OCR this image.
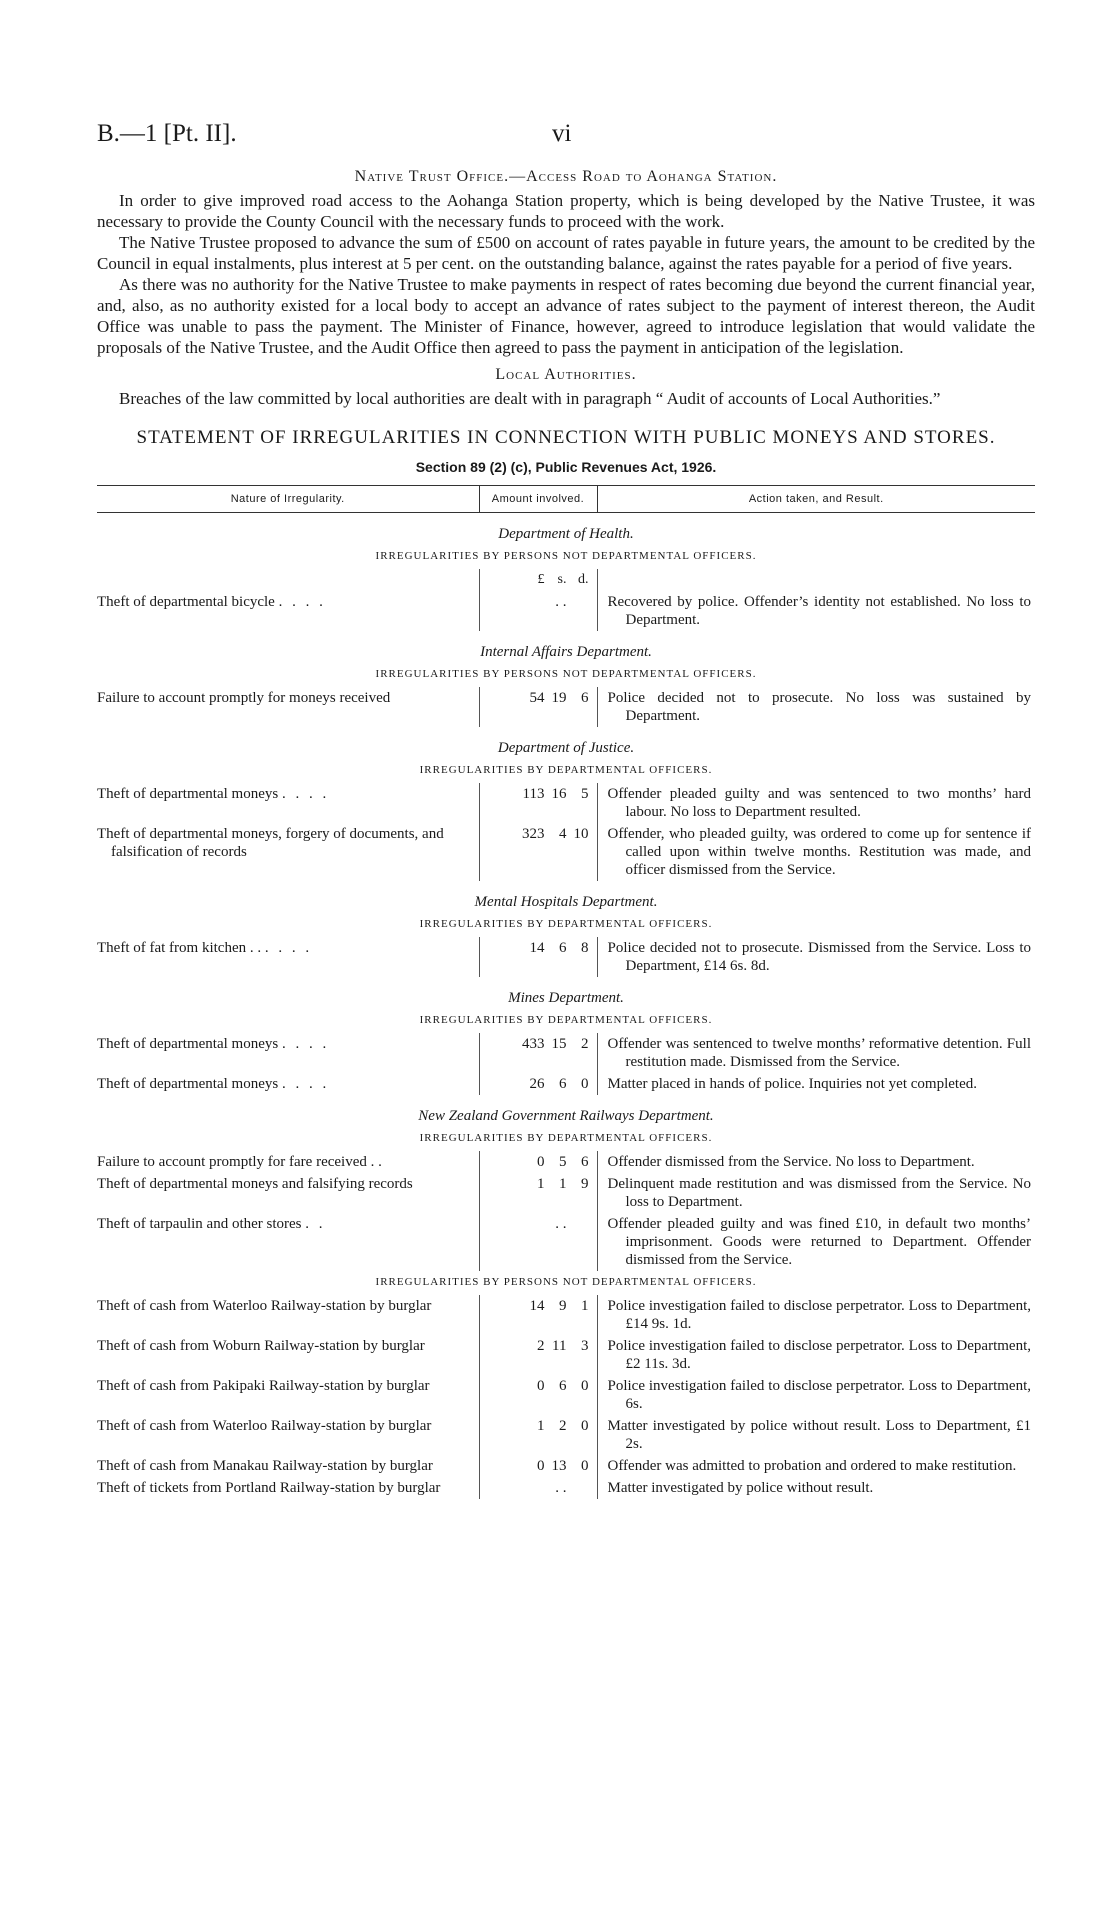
B.—1 [Pt. II].	vi
Native Trust Office.—Access Road to Aohanga Station.

In order to give improved road access to the Aohanga Station property, which is being developed by the Native Trustee, it was necessary to provide the County Council with the necessary funds to proceed with the work.

The Native Trustee proposed to advance the sum of £500 on account of rates payable in future years, the amount to be credited by the Council in equal instalments, plus interest at 5 per cent. on the outstanding balance, against the rates payable for a period of five years.

As there was no authority for the Native Trustee to make payments in respect of rates becoming due beyond the current financial year, and, also, as no authority existed for a local body to accept an advance of rates subject to the payment of interest thereon, the Audit Office was unable to pass the payment. The Minister of Finance, however, agreed to introduce legislation that would validate the proposals of the Native Trustee, and the Audit Office then agreed to pass the payment in anticipation of the legislation.

Local Authorities.

Breaches of the law committed by local authorities are dealt with in paragraph “ Audit of accounts of Local Authorities.”

STATEMENT OF IRREGULARITIES IN CONNECTION WITH PUBLIC MONEYS AND STORES.
Section 89 (2) (c), Public Revenues Act, 1926.
Nature of Irregularity.	Amount involved.	Action taken, and Result.
Department of Health.		
IRREGULARITIES BY PERSONS NOT DEPARTMENTAL OFFICERS.		
	£ s. d.	

Theft of departmental bicycle . . . .	. .	Recovered by police. Offender’s identity not established. No loss to Department.

Internal Affairs Department.		
IRREGULARITIES BY PERSONS NOT DEPARTMENTAL OFFICERS.		

Failure to account promptly for moneys received	54 19 6	Police decided not to prosecute. No loss was sustained by Department.

Department of Justice.		
IRREGULARITIES BY DEPARTMENTAL OFFICERS.		

Theft of departmental moneys . . . .	113 16 5	Offender pleaded guilty and was sentenced to two months’ hard labour. No loss to Department resulted.

Theft of departmental moneys, forgery of documents, and falsification of records	323 4 10	Offender, who pleaded guilty, was ordered to come up for sentence if called upon within twelve months. Restitution was made, and officer dismissed from the Service.

Mental Hospitals Department.		
IRREGULARITIES BY DEPARTMENTAL OFFICERS.		

Theft of fat from kitchen . . . . . .	14 6 8	Police decided not to prosecute. Dismissed from the Service. Loss to Department, £14 6s. 8d.

Mines Department.		
IRREGULARITIES BY DEPARTMENTAL OFFICERS.		

Theft of departmental moneys . . . .	433 15 2	Offender was sentenced to twelve months’ reformative detention. Full restitution made. Dismissed from the Service.

Theft of departmental moneys . . . .	26 6 0	Matter placed in hands of police. Inquiries not yet completed.

New Zealand Government Railways Department.		
IRREGULARITIES BY DEPARTMENTAL OFFICERS.		

Failure to account promptly for fare received . .	0 5 6	Offender dismissed from the Service. No loss to Department.

Theft of departmental moneys and falsifying records	1 1 9	Delinquent made restitution and was dismissed from the Service. No loss to Department.

Theft of tarpaulin and other stores . .	. .	Offender pleaded guilty and was fined £10, in default two months’ imprisonment. Goods were returned to Department. Offender dismissed from the Service.

IRREGULARITIES BY PERSONS NOT DEPARTMENTAL OFFICERS.		

Theft of cash from Waterloo Railway-station by burglar	14 9 1	Police investigation failed to disclose perpetrator. Loss to Department, £14 9s. 1d.

Theft of cash from Woburn Railway-station by burglar	2 11 3	Police investigation failed to disclose perpetrator. Loss to Department, £2 11s. 3d.

Theft of cash from Pakipaki Railway-station by burglar	0 6 0	Police investigation failed to disclose perpetrator. Loss to Department, 6s.

Theft of cash from Waterloo Railway-station by burglar	1 2 0	Matter investigated by police without result. Loss to Department, £1 2s.

Theft of cash from Manakau Railway-station by burglar	0 13 0	Offender was admitted to probation and ordered to make restitution.

Theft of tickets from Portland Railway-station by burglar	. .	Matter investigated by police without result.
